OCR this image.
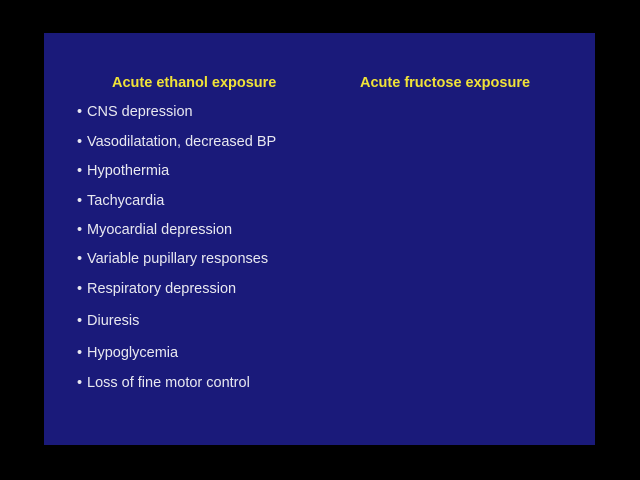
Acute ethanol exposure	Acute fructose exposure
• CNS depression
• Vasodilatation, decreased BP
• Hypothermia
• Tachycardia
• Myocardial depression
• Variable pupillary responses
• Respiratory depression
• Diuresis
• Hypoglycemia
• Loss of fine motor control
